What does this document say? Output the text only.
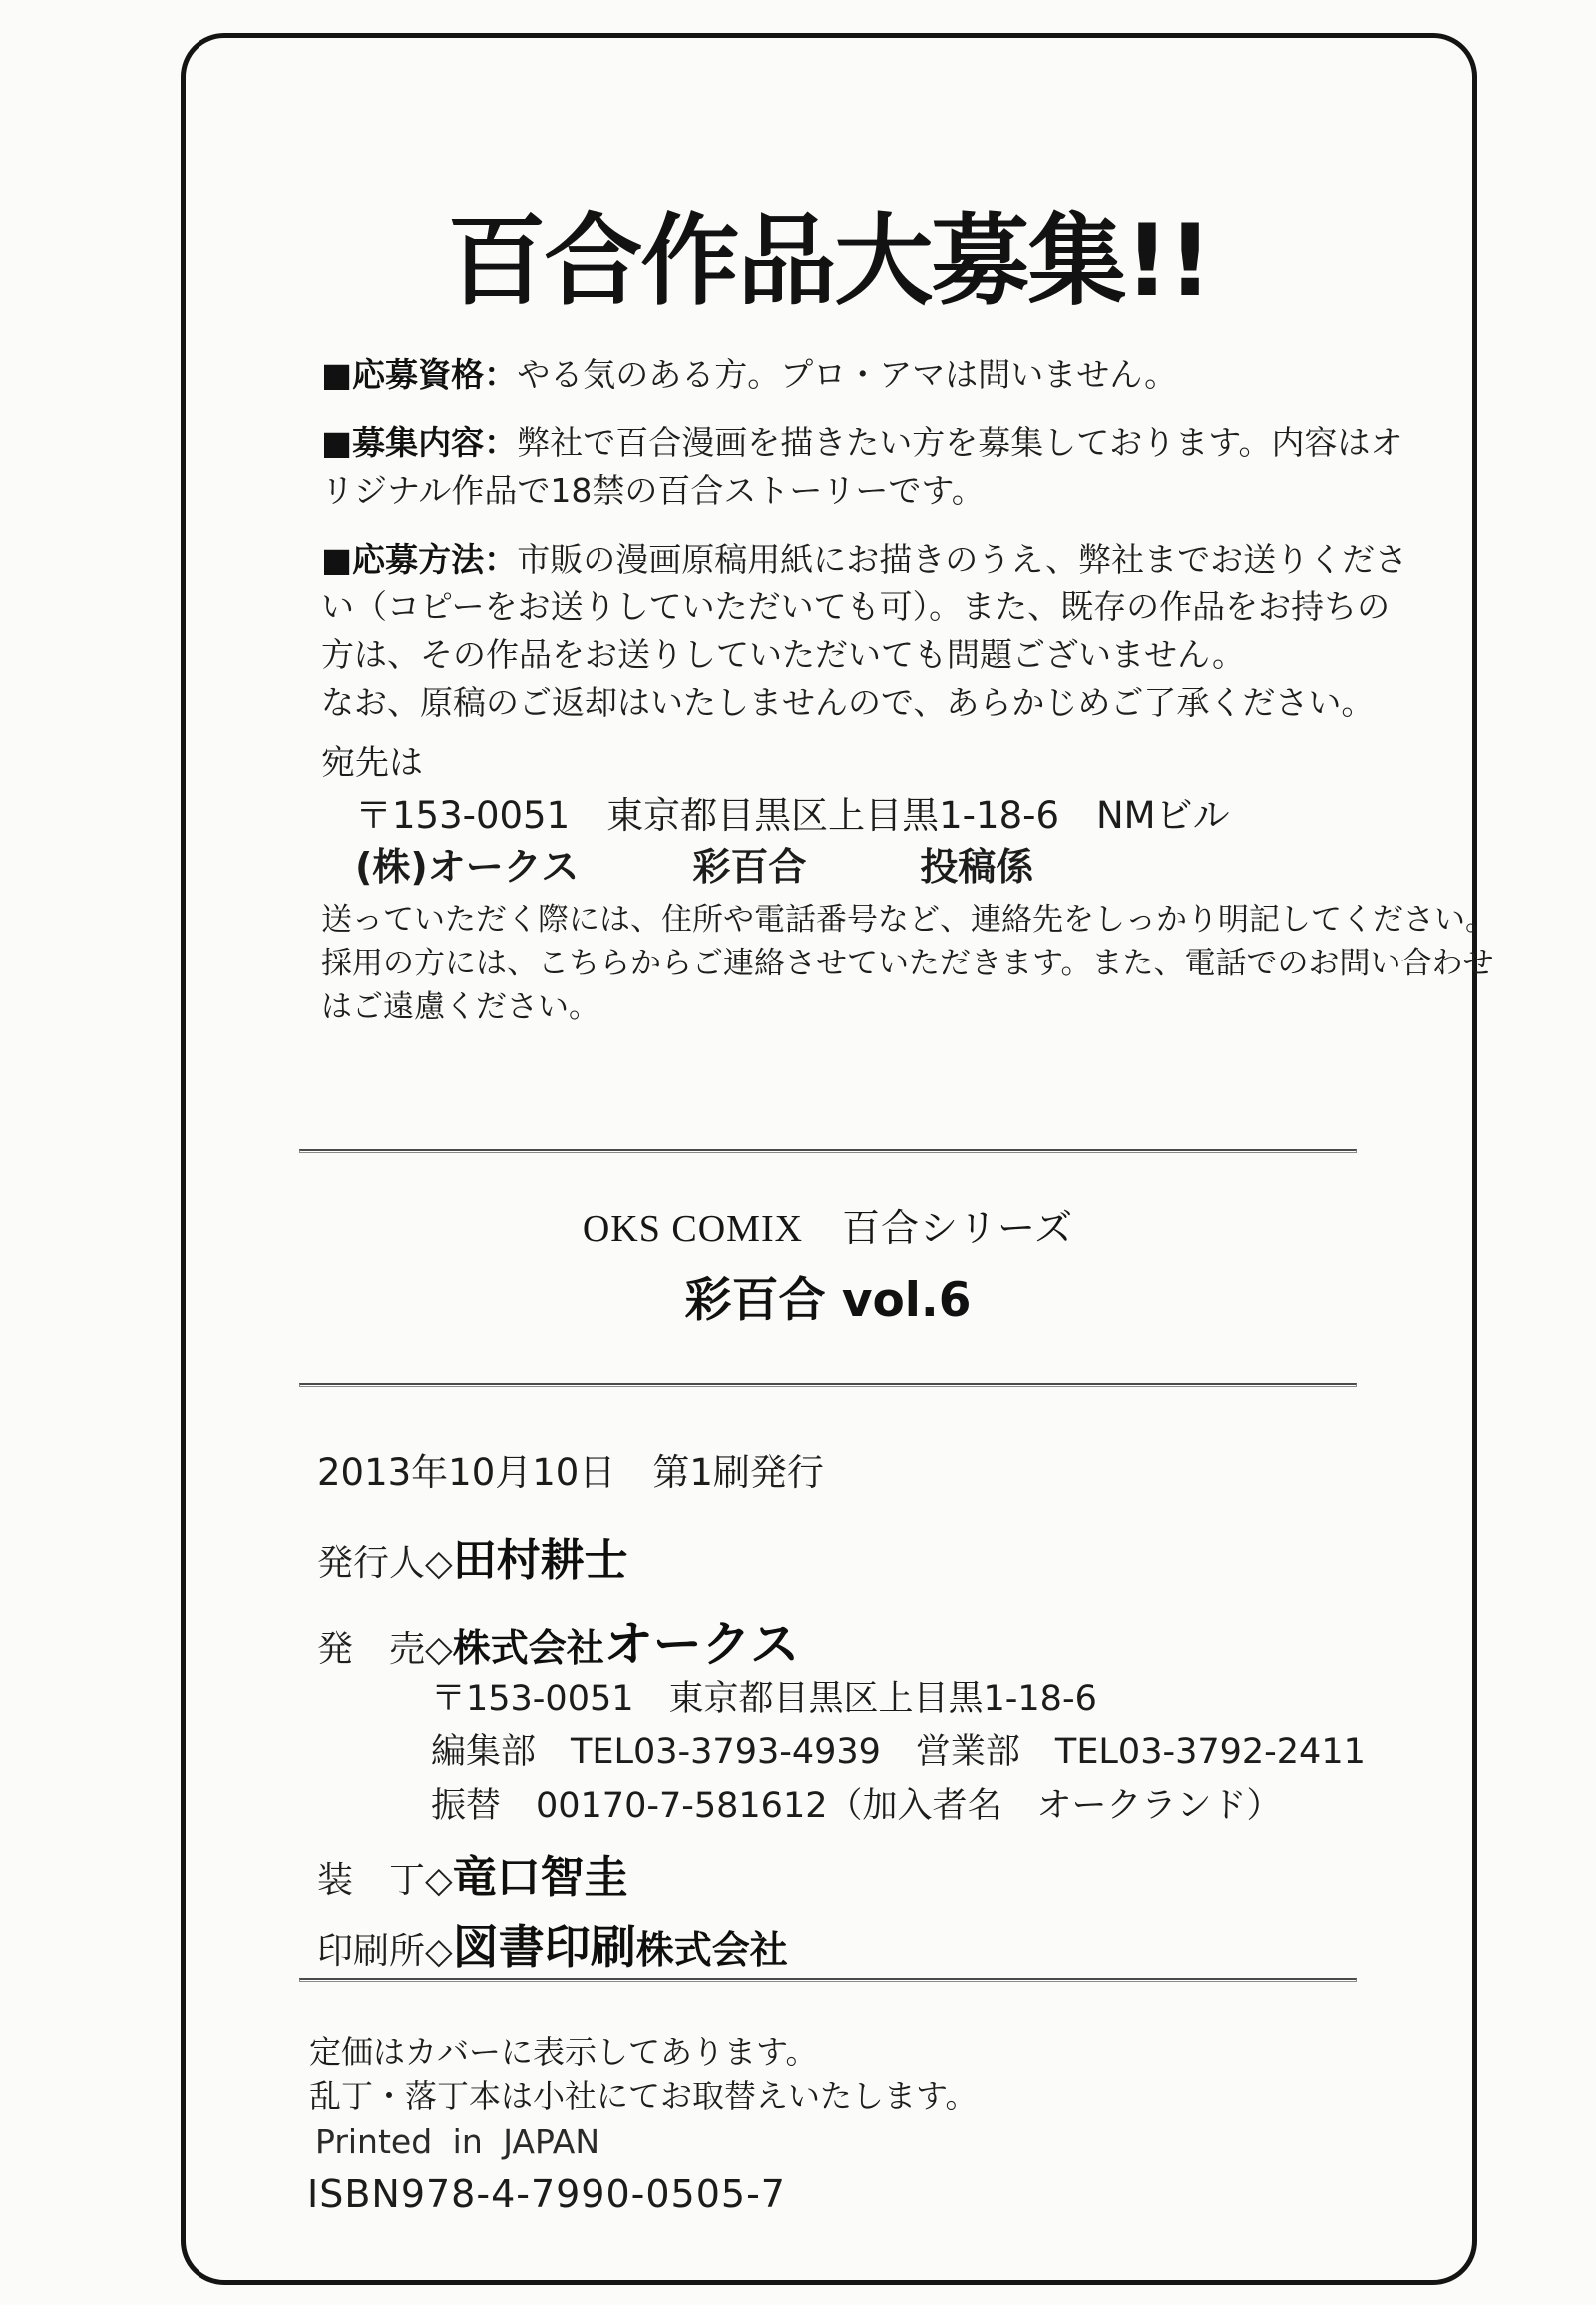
百合作品大募集!!
■応募資格：やる気のある方。プロ・アマは問いません。
■募集内容：弊社で百合漫画を描きたい方を募集しております。内容はオ
リジナル作品で18禁の百合ストーリーです。
■応募方法：市販の漫画原稿用紙にお描きのうえ、弊社までお送りくださ
い（コピーをお送りしていただいても可）。また、既存の作品をお持ちの
方は、その作品をお送りしていただいても問題ございません。
なお、原稿のご返却はいたしませんので、あらかじめご了承ください。
宛先は
〒153-0051　東京都目黒区上目黒1-18-6　NMビル
(株)オークス　　　彩百合　　　投稿係
送っていただく際には、住所や電話番号など、連絡先をしっかり明記してください。
採用の方には、こちらからご連絡させていただきます。また、電話でのお問い合わせ
はご遠慮ください。
OKS COMIX　百合シリーズ
彩百合 vol.6
2013年10月10日　第1刷発行
発行人◇田村耕士
発　売◇株式会社オークス
〒153-0051　東京都目黒区上目黒1-18-6
編集部　TEL03-3793-4939　営業部　TEL03-3792-2411
振替　00170-7-581612（加入者名　オークランド）
装　丁◇竜口智圭
印刷所◇図書印刷株式会社
定価はカバーに表示してあります。
乱丁・落丁本は小社にてお取替えいたします。
Printed in JAPAN
ISBN978-4-7990-0505-7
